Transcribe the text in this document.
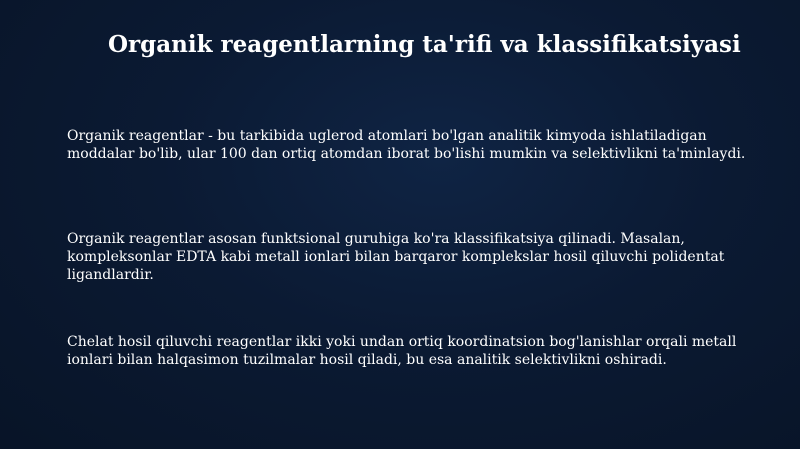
Organik reagentlarning ta'rifi va klassifikatsiyasi

Organik reagentlar - bu tarkibida uglerod atomlari bo'lgan analitik kimyoda ishlatiladigan moddalar bo'lib, ular 100 dan ortiq atomdan iborat bo'lishi mumkin va selektivlikni ta'minlaydi.

Organik reagentlar asosan funktsional guruhiga ko'ra klassifikatsiya qilinadi. Masalan, kompleksonlar EDTA kabi metall ionlari bilan barqaror komplekslar hosil qiluvchi polidentat ligandlardir.

Chelat hosil qiluvchi reagentlar ikki yoki undan ortiq koordinatsion bog'lanishlar orqali metall ionlari bilan halqasimon tuzilmalar hosil qiladi, bu esa analitik selektivlikni oshiradi.
